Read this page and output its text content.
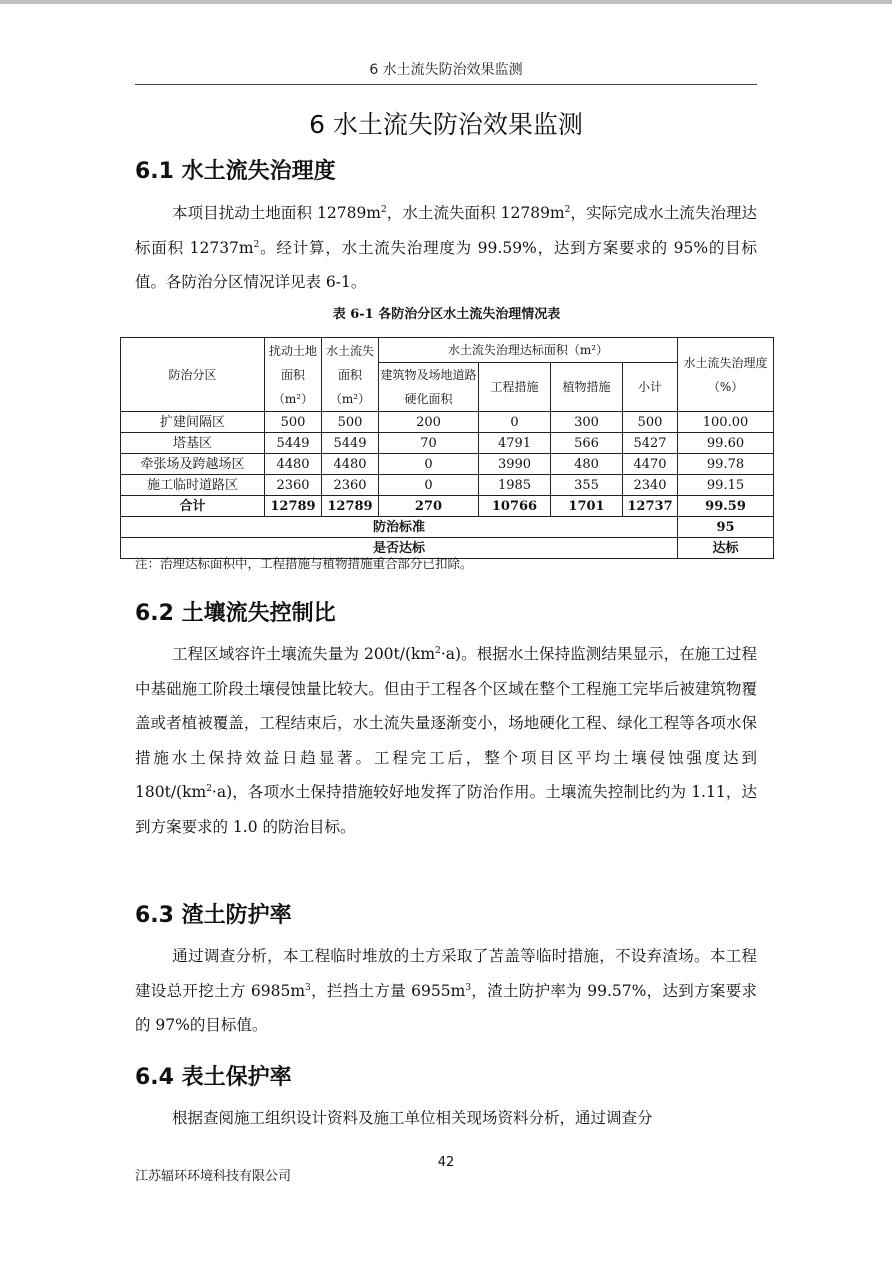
6 水土流失防治效果监测
6 水土流失防治效果监测
6.1 水土流失治理度
本项目扰动土地面积 $12789m^2$，水土流失面积 $12789m^2$，实际完成水土流失治理达标面积 $12737m^2$。经计算，水土流失治理度为 99.59%，达到方案要求的 95%的目标值。各防治分区情况详见表 6-1。
表 6-1 各防治分区水土流失治理情况表
防治分区	扰动土地面积（m²）	水土流失面积（m²）	水土流失治理达标面积（m²）				水土流失治理度（%）
			建筑物及场地道路硬化面积	工程措施	植物措施	小计	
扩建间隔区	500	500	200	0	300	500	100.00
塔基区	5449	5449	70	4791	566	5427	99.60
牵张场及跨越场区	4480	4480	0	3990	480	4470	99.78
施工临时道路区	2360	2360	0	1985	355	2340	99.15
合计	12789	12789	270	10766	1701	12737	99.59
防治标准							95
是否达标							达标
注：治理达标面积中，工程措施与植物措施重合部分已扣除。
6.2 土壤流失控制比
工程区域容许土壤流失量为 $200t/(km^2\cdot a)$。根据水土保持监测结果显示，在施工过程中基础施工阶段土壤侵蚀量比较大。但由于工程各个区域在整个工程施工完毕后被建筑物覆盖或者植被覆盖，工程结束后，水土流失量逐渐变小，场地硬化工程、绿化工程等各项水保措施水土保持效益日趋显著。工程完工后，整个项目区平均土壤侵蚀强度达到 $180t/(km^2\cdot a)$，各项水土保持措施较好地发挥了防治作用。土壤流失控制比约为 1.11，达到方案要求的 1.0 的防治目标。
6.3 渣土防护率
通过调查分析，本工程临时堆放的土方采取了苫盖等临时措施，不设弃渣场。本工程建设总开挖土方 $6985m^3$，拦挡土方量 $6955m^3$，渣土防护率为 99.57%，达到方案要求的 97%的目标值。
6.4 表土保护率
根据查阅施工组织设计资料及施工单位相关现场资料分析，通过调查分
42
江苏辐环环境科技有限公司
